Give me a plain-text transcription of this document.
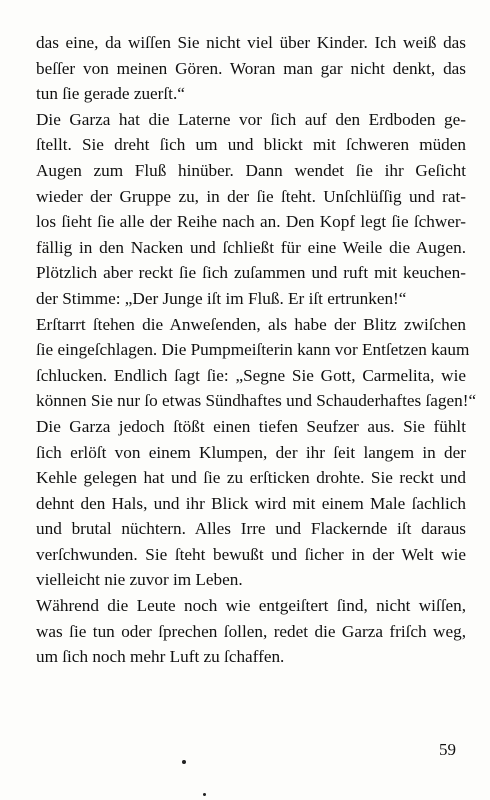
das eine, da wiſſen Sie nicht viel über Kinder. Ich weiß das
beſſer von meinen Gören. Woran man gar nicht denkt, das
tun ſie gerade zuerſt.“

Die Garza hat die Laterne vor ſich auf den Erdboden ge-
ſtellt. Sie dreht ſich um und blickt mit ſchweren müden
Augen zum Fluß hinüber. Dann wendet ſie ihr Geſicht
wieder der Gruppe zu, in der ſie ſteht. Unſchlüſſig und rat-
los ſieht ſie alle der Reihe nach an. Den Kopf legt ſie ſchwer-
fällig in den Nacken und ſchließt für eine Weile die Augen.
Plötzlich aber reckt ſie ſich zuſammen und ruft mit keuchen-
der Stimme: „Der Junge iſt im Fluß. Er iſt ertrunken!“

Erſtarrt ſtehen die Anweſenden, als habe der Blitz zwiſchen
ſie eingeſchlagen. Die Pumpmeiſterin kann vor Entſetzen kaum
ſchlucken. Endlich ſagt ſie: „Segne Sie Gott, Carmelita, wie
können Sie nur ſo etwas Sündhaftes und Schauderhaftes ſagen!“

Die Garza jedoch ſtößt einen tiefen Seufzer aus. Sie fühlt
ſich erlöſt von einem Klumpen, der ihr ſeit langem in der
Kehle gelegen hat und ſie zu erſticken drohte. Sie reckt und
dehnt den Hals, und ihr Blick wird mit einem Male ſachlich
und brutal nüchtern. Alles Irre und Flackernde iſt daraus
verſchwunden. Sie ſteht bewußt und ſicher in der Welt wie
vielleicht nie zuvor im Leben.

Während die Leute noch wie entgeiſtert ſind, nicht wiſſen,
was ſie tun oder ſprechen ſollen, redet die Garza friſch weg,
um ſich noch mehr Luft zu ſchaffen.

59
